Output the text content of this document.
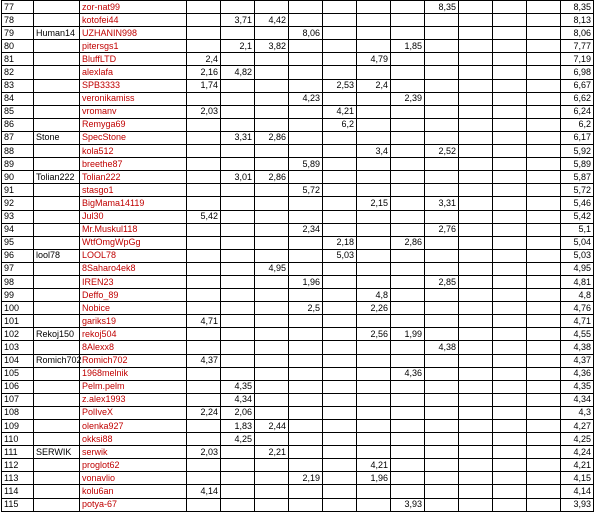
77		zor-nat99								8,35				8,35
78		kotofei44		3,71	4,42									8,13
79	Human14	UZHANIN998				8,06								8,06
80		pitersgs1		2,1	3,82				1,85					7,77
81		BluffLTD	2,4					4,79						7,19
82		alexlafa	2,16	4,82										6,98
83		SPB3333	1,74				2,53	2,4						6,67
84		veronikamiss				4,23			2,39					6,62
85		vromanv	2,03				4,21							6,24
86		Remyga69					6,2							6,2
87	Stone	SpecStone		3,31	2,86									6,17
88		kola512						3,4		2,52				5,92
89		breethe87				5,89								5,89
90	Tolian222	Tolian222		3,01	2,86									5,87
91		stasgo1				5,72								5,72
92		BigMama14119						2,15		3,31				5,46
93		Jul30	5,42											5,42
94		Mr.Muskul118				2,34				2,76				5,1
95		WtfOmgWpGg					2,18		2,86					5,04
96	lool78	LOOL78					5,03							5,03
97		8Saharo4ek8			4,95									4,95
98		IREN23				1,96				2,85				4,81
99		Deffo_89						4,8						4,8
100		Nobice				2,5		2,26						4,76
101		gariks19	4,71											4,71
102	Rekoj150	rekoj504						2,56	1,99					4,55
103		8Alexx8								4,38				4,38
104	Romich702	Romich702	4,37											4,37
105		1968melnik							4,36					4,36
106		Pelm.pelm		4,35										4,35
107		z.alex1993		4,34										4,34
108		PolIveX	2,24	2,06										4,3
109		olenka927		1,83	2,44									4,27
110		okksi88		4,25										4,25
111	SERWIK	serwik	2,03		2,21									4,24
112		proglot62						4,21						4,21
113		vonavlio				2,19		1,96						4,15
114		kolu6an	4,14											4,14
115		potya-67							3,93					3,93
